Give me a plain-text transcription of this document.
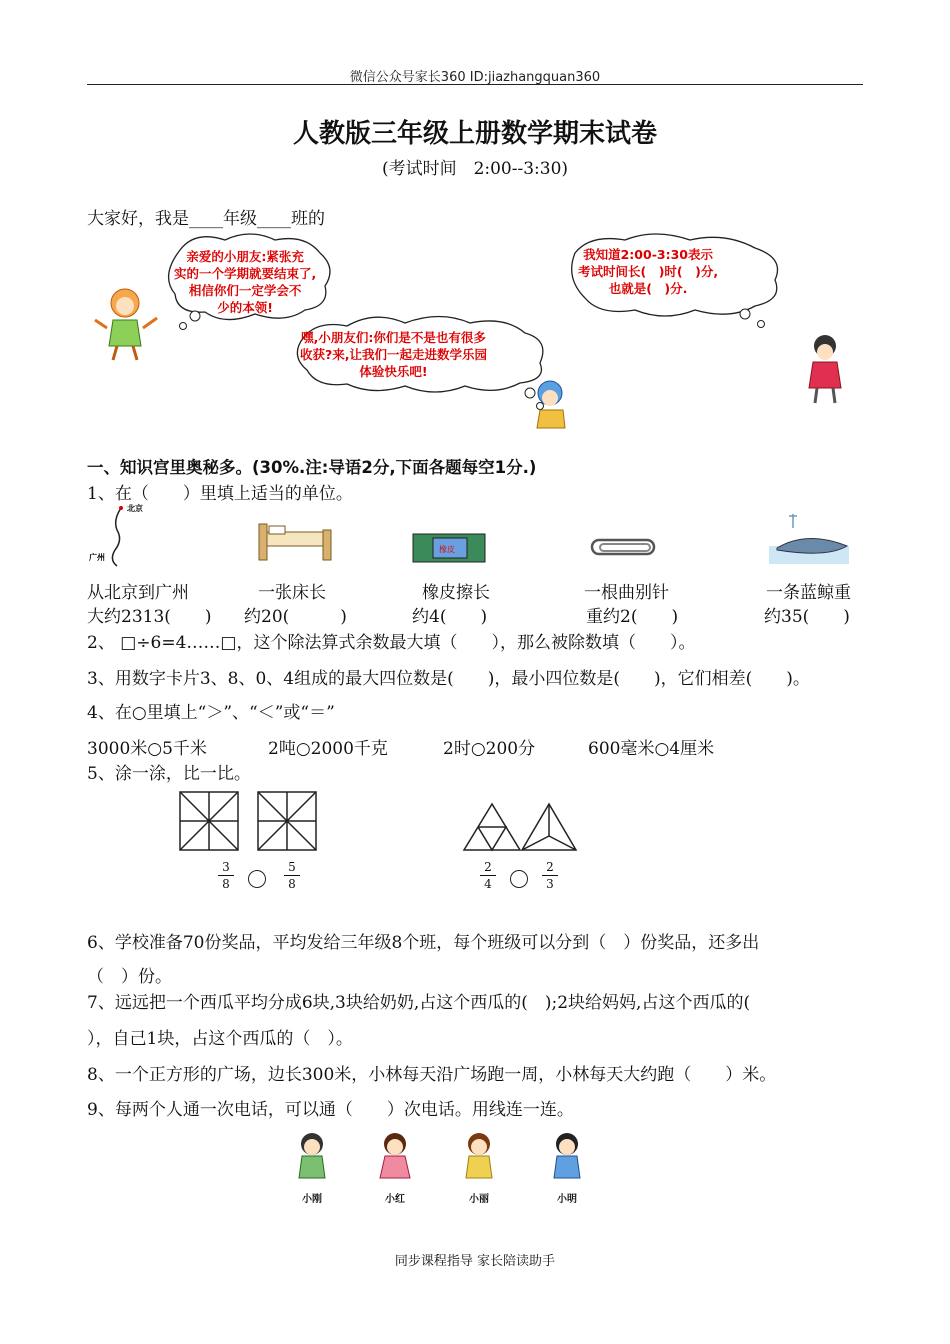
微信公众号家长360 ID:jiazhangquan360
人教版三年级上册数学期末试卷
(考试时间　2:00--3:30)
大家好，我是____年级____班的
亲爱的小朋友:紧张充
实的一个学期就要结束了,
相信你们一定学会不
少的本领!
嘿,小朋友们:你们是不是也有很多
收获?来,让我们一起走进数学乐园
体验快乐吧!
我知道2:00-3:30表示
考试时间长(　)时(　)分,
也就是(　)分.
一、知识宫里奥秘多。(30%.注:导语2分,下面各题每空1分.)
1、在（　　）里填上适当的单位。
北京
广州
橡皮
从北京到广州
大约2313(　　)
一张床长
约20(　　　)
橡皮擦长
约4(　　)
一根曲别针
重约2(　　)
一条蓝鲸重
约35(　　)
2、 □÷6=4……□，这个除法算式余数最大填（　　），那么被除数填（　　）。
3、用数字卡片3、8、0、4组成的最大四位数是(　　)，最小四位数是(　　)，它们相差(　　)。
4、在○里填上“＞”、“＜”或“＝”
3000米○5千米	2吨○2000千克	2时○200分	600毫米○4厘米
5、涂一涂，比一比。
3
8
5
8
2
4
2
3
6、学校准备70份奖品，平均发给三年级8个班，每个班级可以分到（　）份奖品，还多出
（　）份。
7、远远把一个西瓜平均分成6块,3块给奶奶,占这个西瓜的(　);2块给妈妈,占这个西瓜的(
），自己1块，占这个西瓜的（　）。
8、一个正方形的广场，边长300米，小林每天沿广场跑一周，小林每天大约跑（　　）米。
9、每两个人通一次电话，可以通（　　）次电话。用线连一连。
小刚	小红	小丽	小明
同步课程指导 家长陪读助手
